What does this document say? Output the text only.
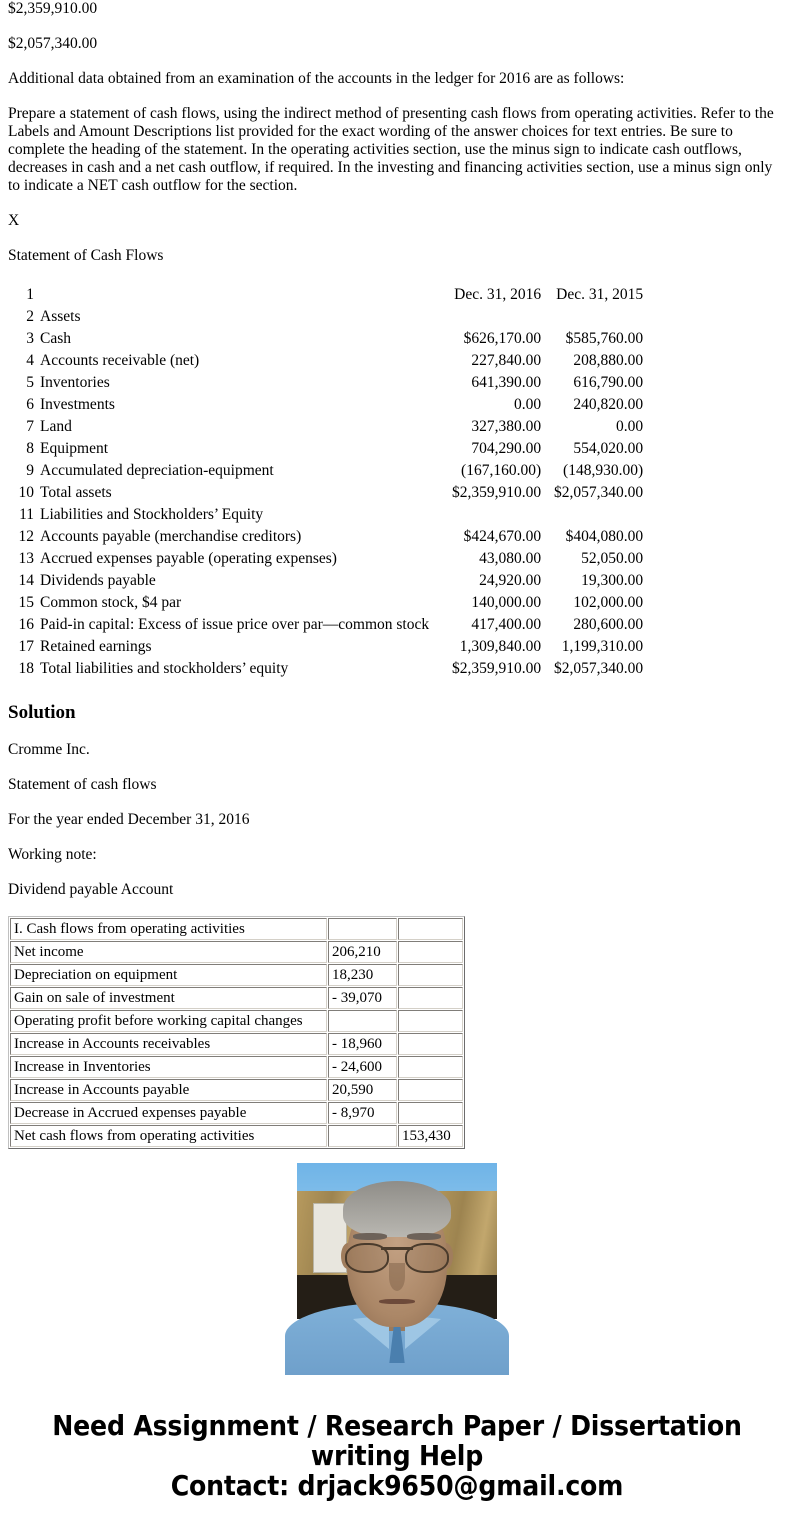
$2,359,910.00

$2,057,340.00

Additional data obtained from an examination of the accounts in the ledger for 2016 are as follows:

Prepare a statement of cash flows, using the indirect method of presenting cash flows from operating activities. Refer to the Labels and Amount Descriptions list provided for the exact wording of the answer choices for text entries. Be sure to complete the heading of the statement. In the operating activities section, use the minus sign to indicate cash outflows, decreases in cash and a net cash outflow, if required. In the investing and financing activities section, use a minus sign only to indicate a NET cash outflow for the section.

X

Statement of Cash Flows

1		Dec. 31, 2016	Dec. 31, 2015
2	Assets		
3	Cash	$626,170.00	$585,760.00
4	Accounts receivable (net)	227,840.00	208,880.00
5	Inventories	641,390.00	616,790.00
6	Investments	0.00	240,820.00
7	Land	327,380.00	0.00
8	Equipment	704,290.00	554,020.00
9	Accumulated depreciation-equipment	(167,160.00)	(148,930.00)
10	Total assets	$2,359,910.00	$2,057,340.00
11	Liabilities and Stockholders’ Equity		
12	Accounts payable (merchandise creditors)	$424,670.00	$404,080.00
13	Accrued expenses payable (operating expenses)	43,080.00	52,050.00
14	Dividends payable	24,920.00	19,300.00
15	Common stock, $4 par	140,000.00	102,000.00
16	Paid-in capital: Excess of issue price over par—common stock	417,400.00	280,600.00
17	Retained earnings	1,309,840.00	1,199,310.00
18	Total liabilities and stockholders’ equity	$2,359,910.00	$2,057,340.00
Solution

Cromme Inc.

Statement of cash flows

For the year ended December 31, 2016

Working note:

Dividend payable Account

I. Cash flows from operating activities		
Net income	206,210	
Depreciation on equipment	18,230	
Gain on sale of investment	- 39,070	
Operating profit before working capital changes		
Increase in Accounts receivables	- 18,960	
Increase in Inventories	- 24,600	
Increase in Accounts payable	20,590	
Decrease in Accrued expenses payable	- 8,970	
Net cash flows from operating activities		153,430
Need Assignment / Research Paper / Dissertation
writing Help
Contact: drjack9650@gmail.com
